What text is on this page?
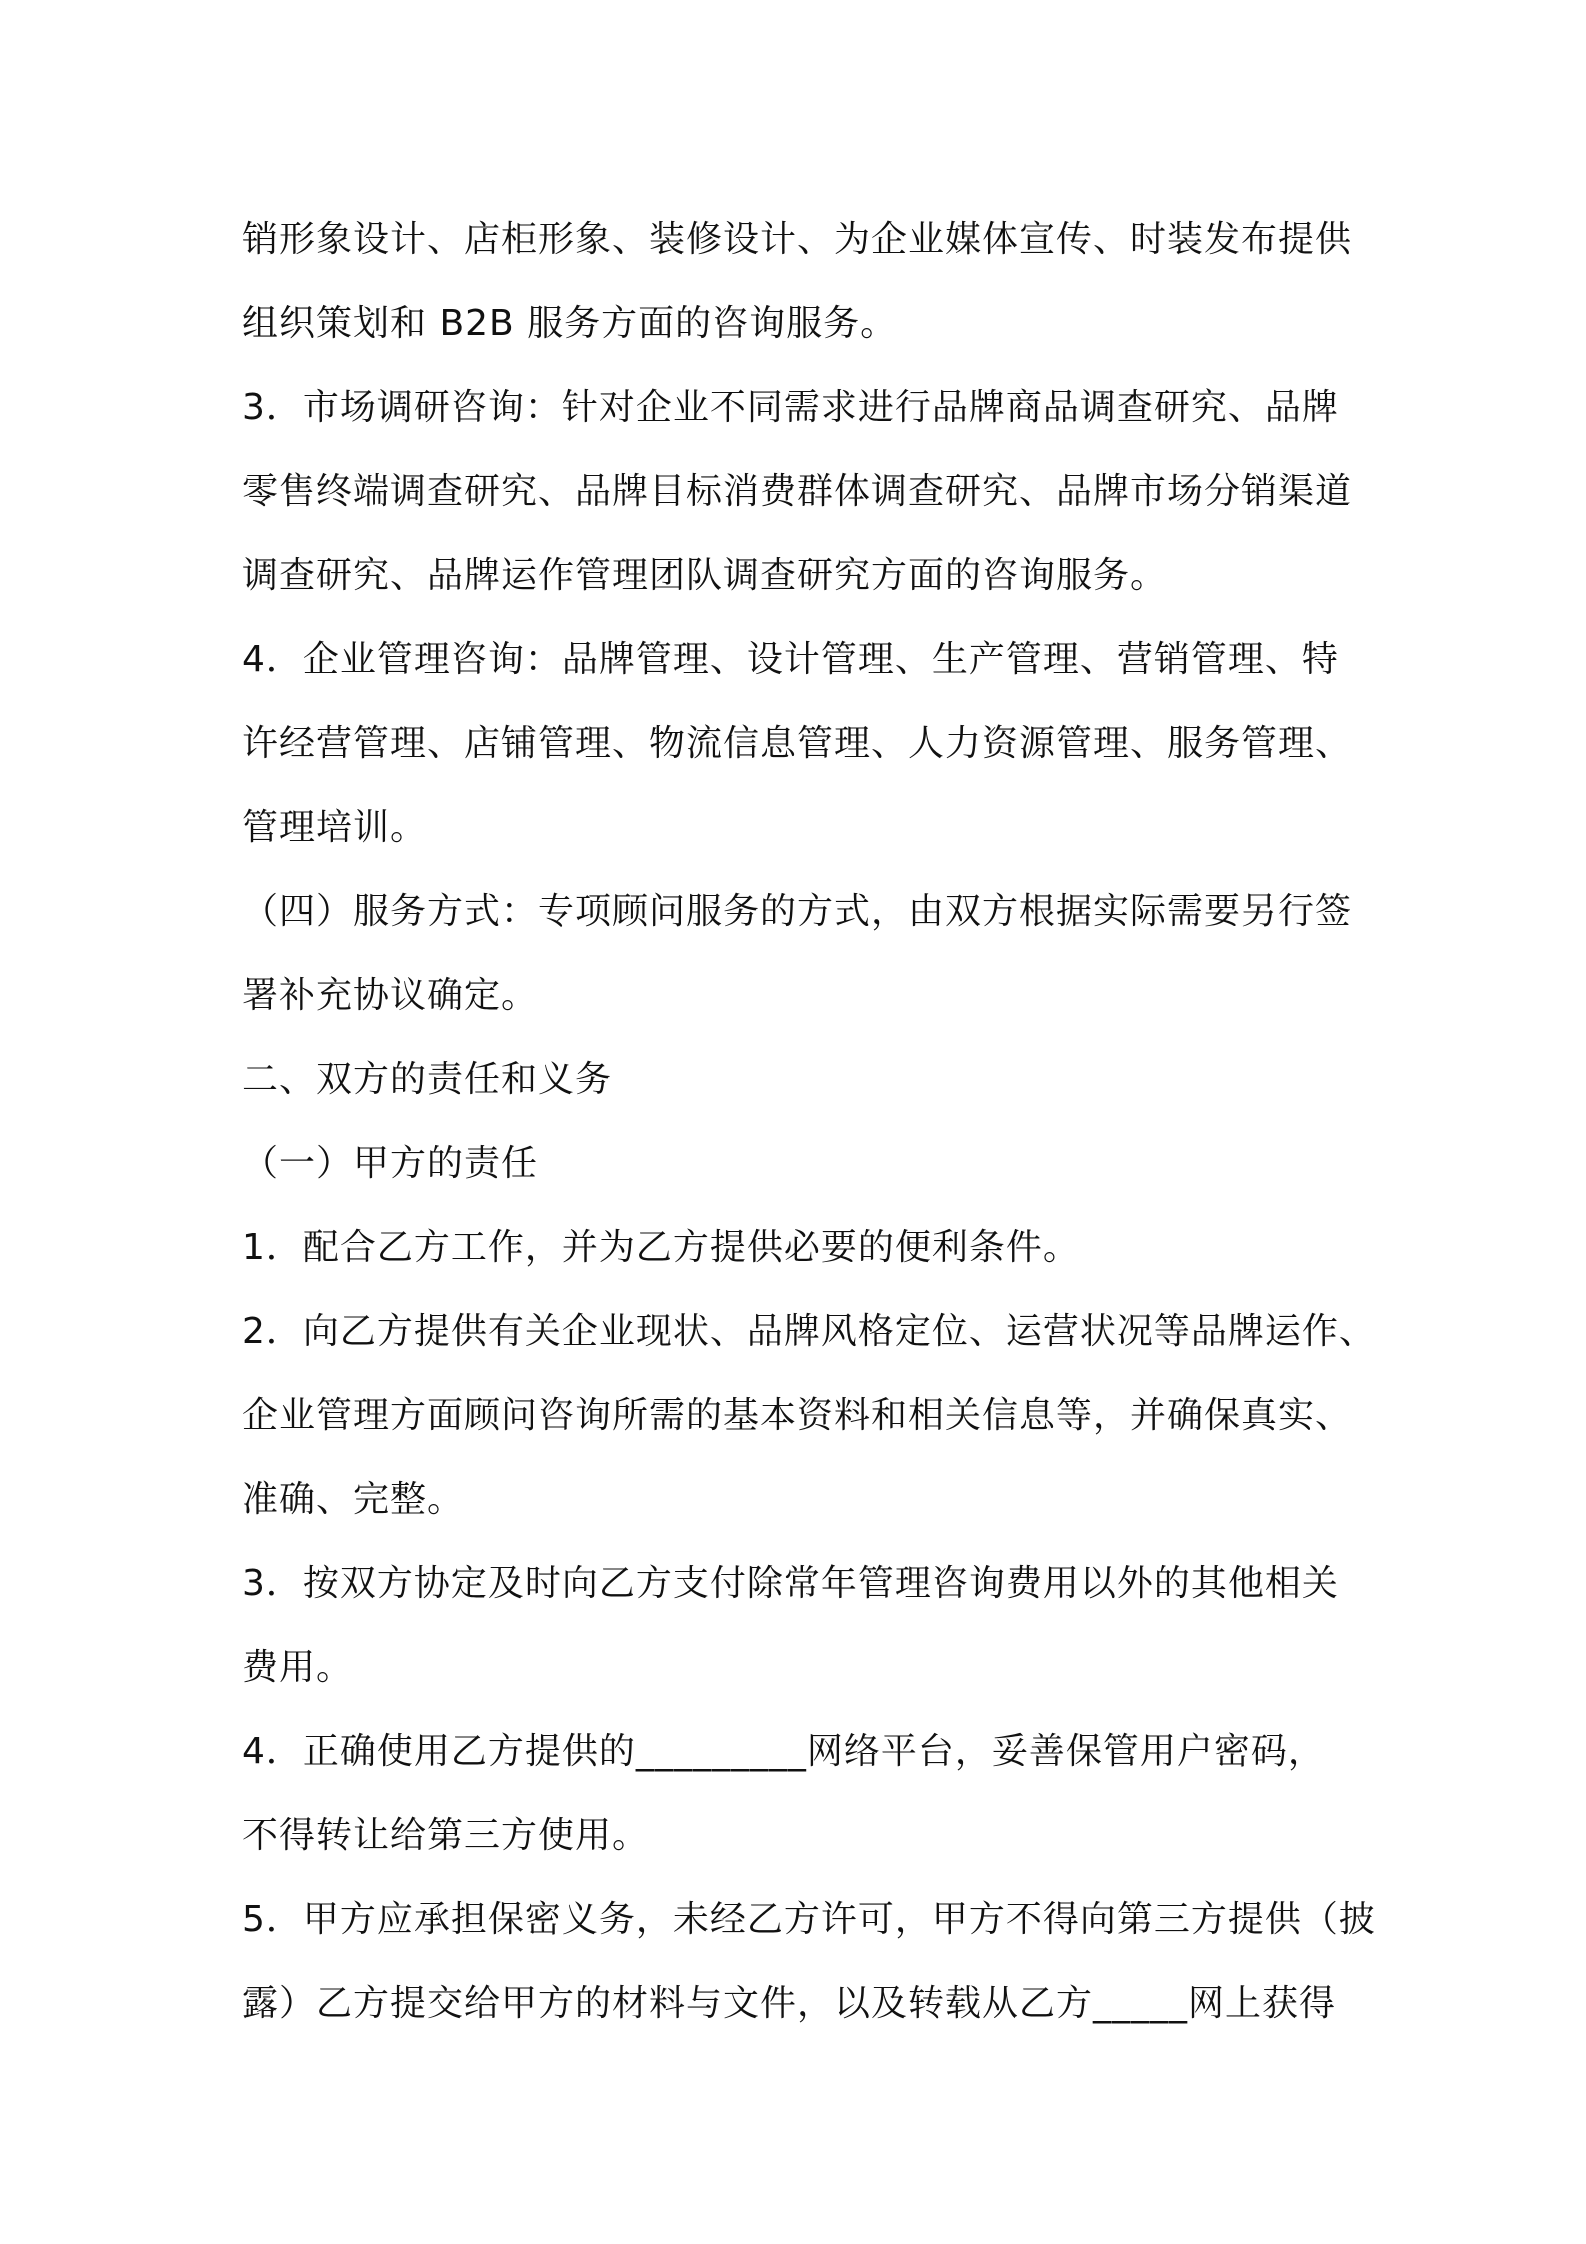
销形象设计、店柜形象、装修设计、为企业媒体宣传、时装发布提供
组织策划和 B2B 服务方面的咨询服务。
3．市场调研咨询：针对企业不同需求进行品牌商品调查研究、品牌
零售终端调查研究、品牌目标消费群体调查研究、品牌市场分销渠道
调查研究、品牌运作管理团队调查研究方面的咨询服务。
4．企业管理咨询：品牌管理、设计管理、生产管理、营销管理、特
许经营管理、店铺管理、物流信息管理、人力资源管理、服务管理、
管理培训。
（四）服务方式：专项顾问服务的方式，由双方根据实际需要另行签
署补充协议确定。
二、双方的责任和义务
（一）甲方的责任
1．配合乙方工作，并为乙方提供必要的便利条件。
2．向乙方提供有关企业现状、品牌风格定位、运营状况等品牌运作、
企业管理方面顾问咨询所需的基本资料和相关信息等，并确保真实、
准确、完整。
3．按双方协定及时向乙方支付除常年管理咨询费用以外的其他相关
费用。
4．正确使用乙方提供的_________网络平台，妥善保管用户密码，
不得转让给第三方使用。
5．甲方应承担保密义务，未经乙方许可，甲方不得向第三方提供（披
露）乙方提交给甲方的材料与文件，以及转载从乙方_____网上获得
